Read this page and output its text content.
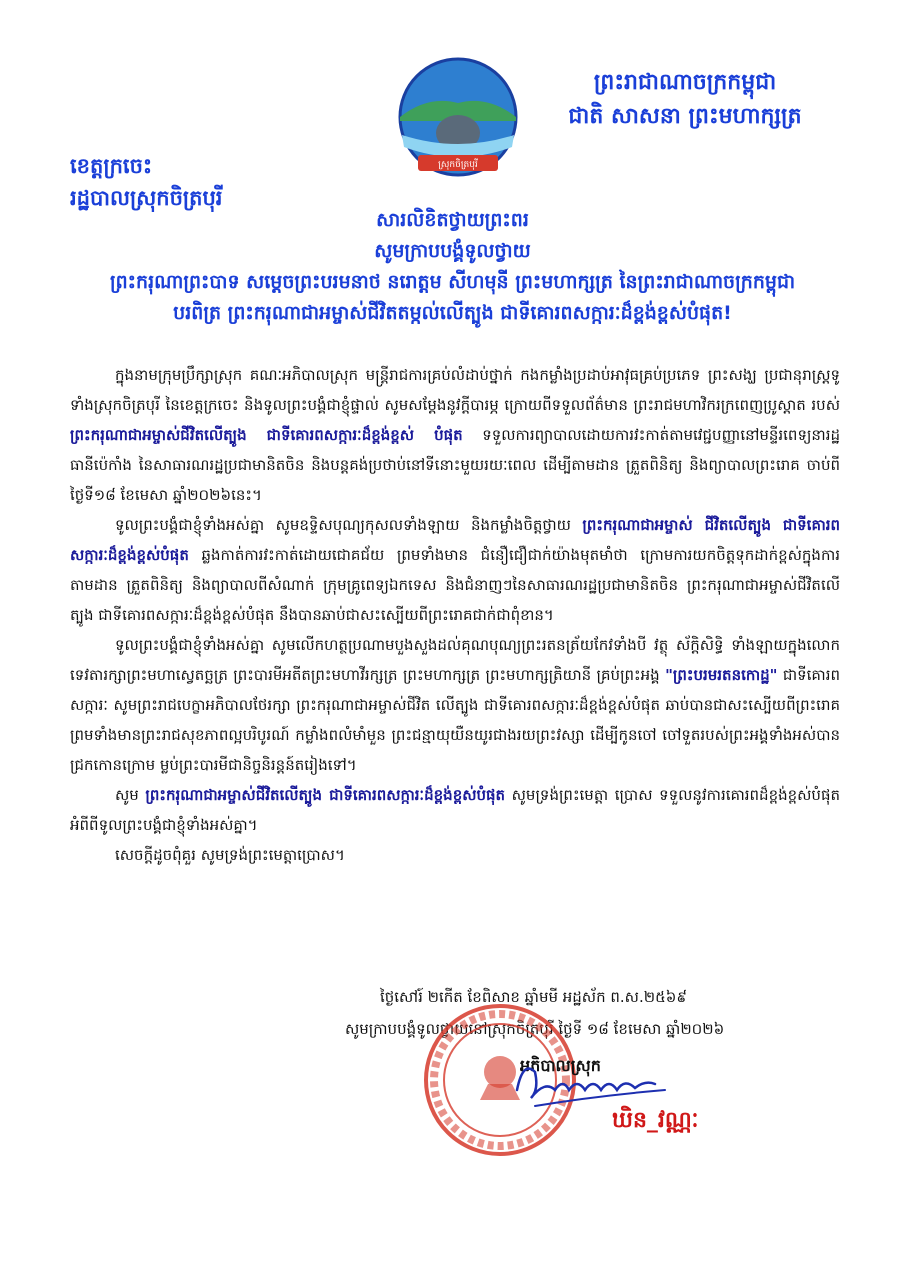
ស្រុកចិត្របុរី
ព្រះរាជាណាចក្រកម្ពុជា
ជាតិ សាសនា ព្រះមហាក្សត្រ
ខេត្តក្រចេះ
រដ្ឋបាលស្រុកចិត្របុរី
សារលិខិតថ្វាយព្រះពរ
សូមក្រាបបង្គំទូលថ្វាយ
ព្រះករុណាព្រះបាទ សម្តេចព្រះបរមនាថ នរោត្តម សីហមុនី ព្រះមហាក្សត្រ នៃព្រះរាជាណាចក្រកម្ពុជា
បរពិត្រ ព្រះករុណាជាអម្ចាស់ជីវិតតម្កល់លើត្បូង ជាទីគោរពសក្ការៈដ៏ខ្ពង់ខ្ពស់បំផុត!

ក្នុងនាមក្រុមប្រឹក្សាស្រុក គណៈអភិបាលស្រុក មន្ត្រីរាជការគ្រប់លំដាប់ថ្នាក់ កងកម្លាំងប្រដាប់អាវុធគ្រប់ប្រភេទ ព្រះសង្ឃ ប្រជានុរាស្ត្រទូទាំងស្រុកចិត្របុរី នៃខេត្តក្រចេះ និងទូលព្រះបង្គំជាខ្ញុំផ្ទាល់ សូមសម្តែងនូវក្តីបារម្ភ ក្រោយពីទទួលព័ត៌មាន ព្រះរាជមហាវិករក្រពេញប្រូស្តាត របស់ ព្រះករុណាជាអម្ចាស់ជីវិតលើត្បូង ជាទីគោរពសក្ការៈដ៏ខ្ពង់ខ្ពស់ បំផុត ទទួលការព្យាបាលដោយការវះកាត់តាមវេជ្ជបញ្ញានៅមន្ទីរពេទ្យនារដ្ឋធានីប៉េកាំង នៃសាធារណរដ្ឋប្រជាមានិតចិន និងបន្តគង់ប្រថាប់នៅទីនោះមួយរយៈពេល ដើម្បីតាមដាន ត្រួតពិនិត្យ និងព្យាបាលព្រះរោគ ចាប់ពីថ្ងៃទី១៨ ខែមេសា ឆ្នាំ២០២៦នេះ។

ទូលព្រះបង្គំជាខ្ញុំទាំងអស់គ្នា សូមឧទ្ទិសបុណ្យកុសលទាំងឡាយ និងកម្លាំងចិត្តថ្វាយ ព្រះករុណាជាអម្ចាស់ ជីវិតលើត្បូង ជាទីគោរពសក្ការៈដ៏ខ្ពង់ខ្ពស់បំផុត ឆ្លងកាត់ការវះកាត់ដោយជោគជ័យ ព្រមទាំងមាន ជំនឿជឿជាក់យ៉ាងមុតមាំថា ក្រោមការយកចិត្តទុកដាក់ខ្ពស់ក្នុងការតាមដាន ត្រួតពិនិត្យ និងព្យាបាលពីសំណាក់ ក្រុមគ្រូពេទ្យឯកទេស និងជំនាញៗនៃសាធារណរដ្ឋប្រជាមានិតចិន ព្រះករុណាជាអម្ចាស់ជីវិតលើត្បូង ជាទីគោរពសក្ការៈដ៏ខ្ពង់ខ្ពស់បំផុត នឹងបានឆាប់ជាសះស្បើយពីព្រះរោគជាក់ជាពុំខាន។

ទូលព្រះបង្គំជាខ្ញុំទាំងអស់គ្នា សូមលើកហត្ថប្រណាមបួងសួងដល់គុណបុណ្យព្រះរតនត្រ័យកែវទាំងបី វត្ថុ ស័ក្តិសិទ្ធិ ទាំងឡាយក្នុងលោក ទេវតារក្សាព្រះមហាស្វេតច្ឆត្រ ព្រះបារមីអតីតព្រះមហាវីរក្សត្រ ព្រះមហាក្សត្រ ព្រះមហាក្សត្រិយានី គ្រប់ព្រះអង្គ "ព្រះបរមរតនកោដ្ឋ" ជាទីគោរពសក្ការៈ សូមព្រះរាជបេក្ខាអភិបាលថែរក្សា ព្រះករុណាជាអម្ចាស់ជីវិត លើត្បូង ជាទីគោរពសក្ការៈដ៏ខ្ពង់ខ្ពស់បំផុត ឆាប់បានជាសះស្បើយពីព្រះរោគ ព្រមទាំងមានព្រះរាជសុខភាពល្អបរិបូរណ៍ កម្លាំងពលំមាំមួន ព្រះជន្មាយុយឺនយូរជាងរយព្រះវស្សា ដើម្បីកូនចៅ ចៅទួតរបស់ព្រះអង្គទាំងអស់បានជ្រកកោនក្រោម ម្លប់ព្រះបារមីជានិច្ចនិរន្តន៍តរៀងទៅ។

សូម ព្រះករុណាជាអម្ចាស់ជីវិតលើត្បូង ជាទីគោរពសក្ការៈដ៏ខ្ពង់ខ្ពស់បំផុត សូមទ្រង់ព្រះមេត្តា ប្រោស ទទួលនូវការគោរពដ៏ខ្ពង់ខ្ពស់បំផុតអំពីពីទូលព្រះបង្គំជាខ្ញុំទាំងអស់គ្នា។

សេចក្តីដូចពុំគួរ សូមទ្រង់ព្រះមេត្តាប្រោស។

ថ្ងៃសៅរ៍ ២កើត ខែពិសាខ ឆ្នាំមមី អដ្ឋស័ក ព.ស.២៥៦៩
សូមក្រាបបង្គំទូលថ្វាយនៅស្រុកចិត្របុរី ថ្ងៃទី ១៨ ខែមេសា ឆ្នាំ២០២៦
អភិបាលស្រុក
ឃិន_វណ្ណៈ
